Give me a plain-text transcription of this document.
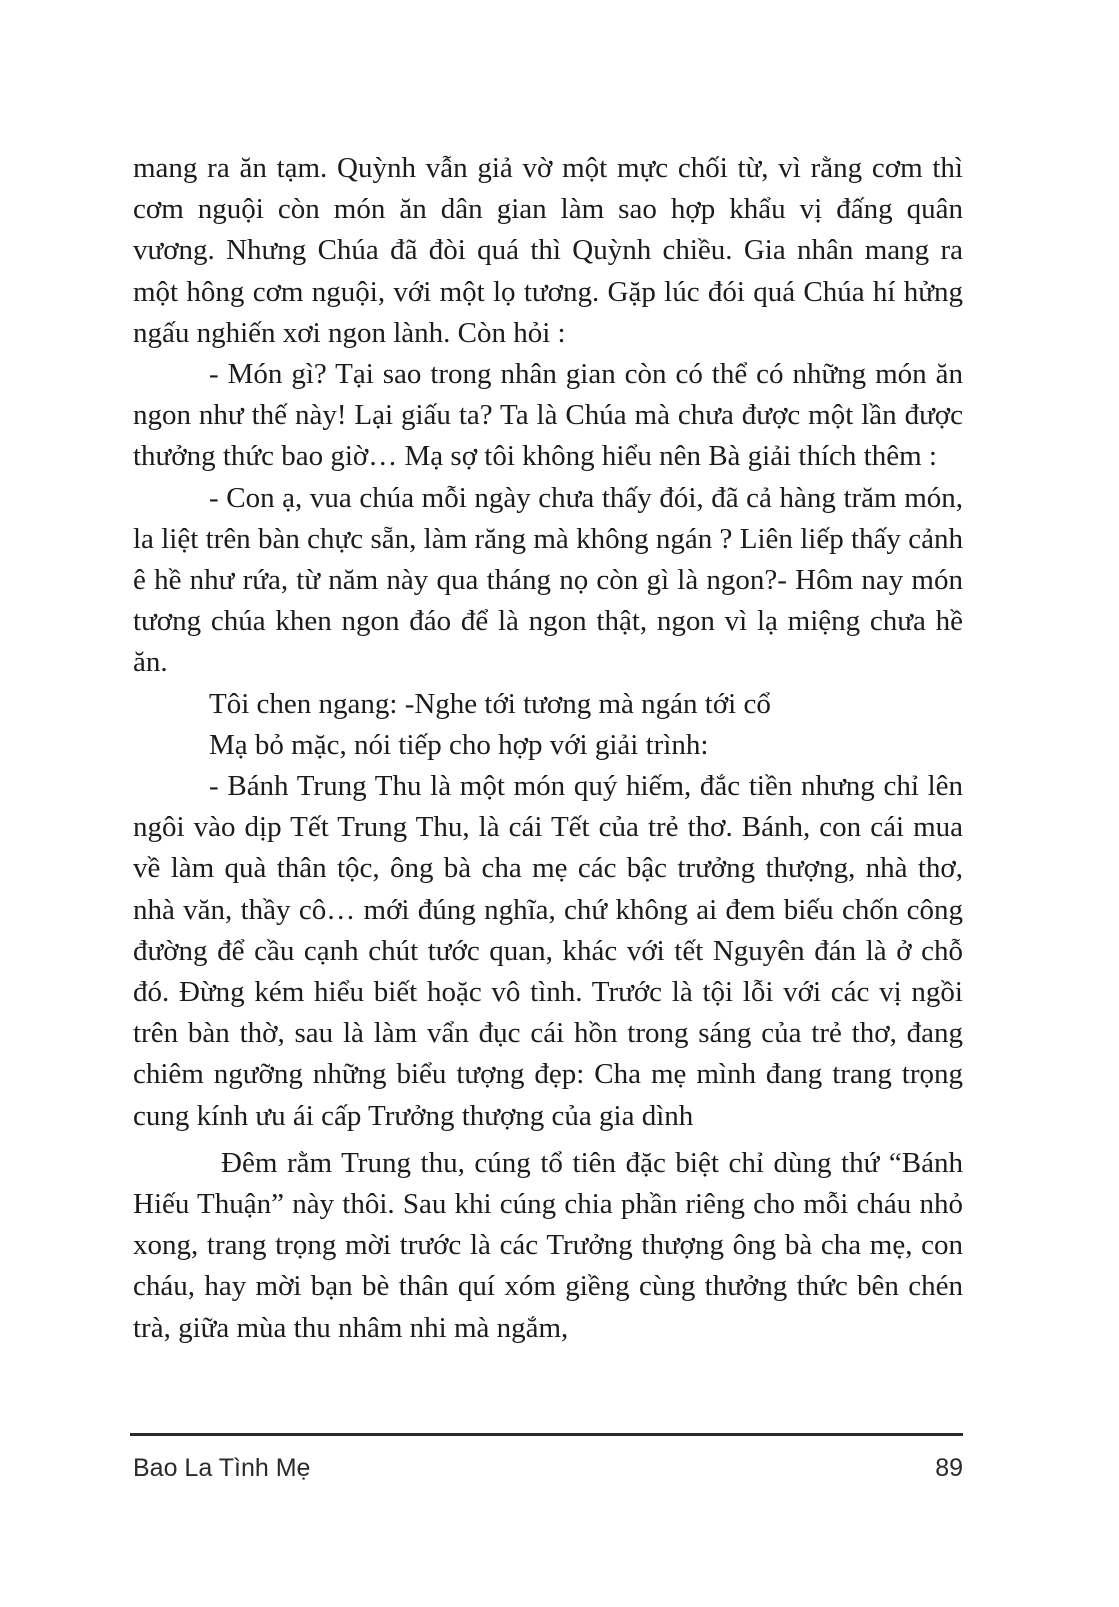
mang ra ăn tạm. Quỳnh vẫn giả vờ một mực chối từ, vì rằng cơm thì cơm nguội còn món ăn dân gian làm sao hợp khẩu vị đấng quân vương. Nhưng Chúa đã đòi quá thì Quỳnh chiều. Gia nhân mang ra một hông cơm nguội, với một lọ tương. Gặp lúc đói quá Chúa hí hửng ngấu nghiến xơi ngon lành. Còn hỏi :

- Món gì? Tại sao trong nhân gian còn có thể có những món ăn ngon như thế này! Lại giấu ta? Ta là Chúa mà chưa được một lần được thưởng thức bao giờ… Mạ sợ tôi không hiểu nên Bà giải thích thêm :

- Con ạ, vua chúa mỗi ngày chưa thấy đói, đã cả hàng trăm món, la liệt trên bàn chực sẵn, làm răng mà không ngán ? Liên liếp thấy cảnh ê hề như rứa, từ năm này qua tháng nọ còn gì là ngon?- Hôm nay món tương chúa khen ngon đáo để là ngon thật, ngon vì lạ miệng chưa hề ăn.

Tôi chen ngang: -Nghe tới tương mà ngán tới cổ

Mạ bỏ mặc, nói tiếp cho hợp với giải trình:

- Bánh Trung Thu là một món quý hiếm, đắc tiền nhưng chỉ lên ngôi vào dịp Tết Trung Thu, là cái Tết của trẻ thơ. Bánh, con cái mua về làm quà thân tộc, ông bà cha mẹ các bậc trưởng thượng, nhà thơ, nhà văn, thầy cô… mới đúng nghĩa, chứ không ai đem biếu chốn công đường để cầu cạnh chút tước quan, khác với tết Nguyên đán là ở chỗ đó. Đừng kém hiểu biết hoặc vô tình. Trước là tội lỗi với các vị ngồi trên bàn thờ, sau là làm vẩn đục cái hồn trong sáng của trẻ thơ, đang chiêm ngưỡng những biểu tượng đẹp: Cha mẹ mình đang trang trọng cung kính ưu ái cấp Trưởng thượng của gia dình

Đêm rằm Trung thu, cúng tổ tiên đặc biệt chỉ dùng thứ “Bánh Hiếu Thuận” này thôi. Sau khi cúng chia phần riêng cho mỗi cháu nhỏ xong, trang trọng mời trước là các Trưởng thượng ông bà cha mẹ, con cháu, hay mời bạn bè thân quí xóm giềng cùng thưởng thức bên chén trà, giữa mùa thu nhâm nhi mà ngắm,

Bao La Tình Mẹ	89
